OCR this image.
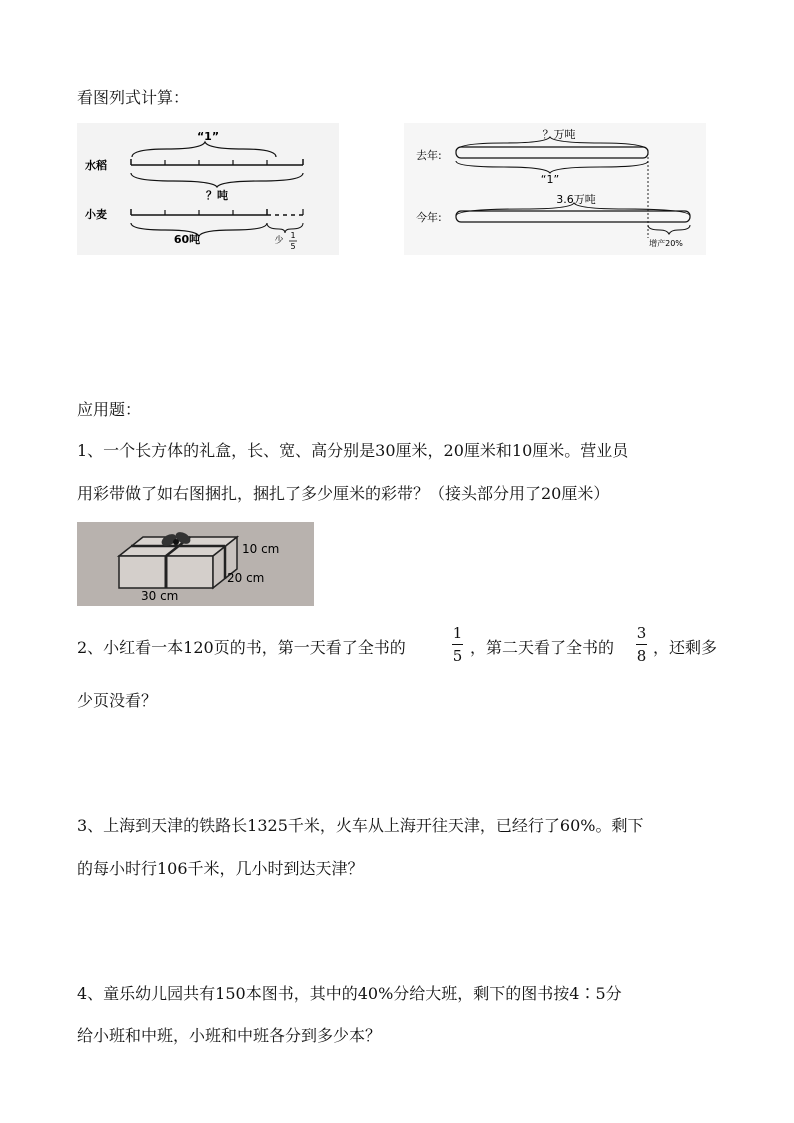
看图列式计算：
“1”
水稻
？吨
小麦
60吨	少
1
5
？万吨
去年:
“1”
3.6万吨
今年:
增产20%
应用题：
1、一个长方体的礼盒，长、宽、高分别是30厘米，20厘米和10厘米。营业员
用彩带做了如右图捆扎，捆扎了多少厘米的彩带？（接头部分用了20厘米）
10 cm
20 cm
30 cm
2、小红看一本120页的书，第一天看了全书的
1
5 ，第二天看了全书的
3
8 ，还剩多
少页没看？
3、上海到天津的铁路长1325千米，火车从上海开往天津，已经行了60%。剩下
的每小时行106千米，几小时到达天津？
4、童乐幼儿园共有150本图书，其中的40%分给大班，剩下的图书按4∶5分
给小班和中班，小班和中班各分到多少本？
